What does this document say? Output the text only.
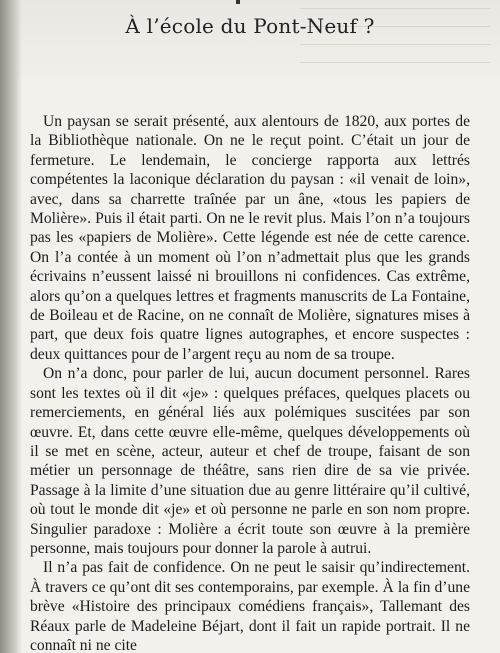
À l’école du Pont-Neuf ?

Un paysan se serait présenté, aux alentours de 1820, aux portes de la Bibliothèque nationale. On ne le reçut point. C’était un jour de fermeture. Le lendemain, le concierge rapporta aux lettrés compétentes la laconique déclaration du paysan : «il venait de loin», avec, dans sa charrette traînée par un âne, «tous les papiers de Molière». Puis il était parti. On ne le revit plus. Mais l’on n’a toujours pas les «papiers de Molière». Cette légende est née de cette carence. On l’a contée à un moment où l’on n’admettait plus que les grands écrivains n’eussent laissé ni brouillons ni confidences. Cas extrême, alors qu’on a quelques lettres et fragments manuscrits de La Fontaine, de Boileau et de Racine, on ne connaît de Molière, signatures mises à part, que deux fois quatre lignes autographes, et encore suspectes : deux quittances pour de l’argent reçu au nom de sa troupe.

On n’a donc, pour parler de lui, aucun document personnel. Rares sont les textes où il dit «je» : quelques préfaces, quelques placets ou remerciements, en général liés aux polémiques suscitées par son œuvre. Et, dans cette œuvre elle-même, quelques développements où il se met en scène, acteur, auteur et chef de troupe, faisant de son métier un personnage de théâtre, sans rien dire de sa vie privée. Passage à la limite d’une situation due au genre littéraire qu’il cultivé, où tout le monde dit «je» et où personne ne parle en son nom propre. Singulier paradoxe : Molière a écrit toute son œuvre à la première personne, mais toujours pour donner la parole à autrui.

Il n’a pas fait de confidence. On ne peut le saisir qu’indirectement. À travers ce qu’ont dit ses contemporains, par exemple. À la fin d’une brève «Histoire des principaux comédiens français», Tallemant des Réaux parle de Madeleine Béjart, dont il fait un rapide portrait. Il ne connaît ni ne cite
